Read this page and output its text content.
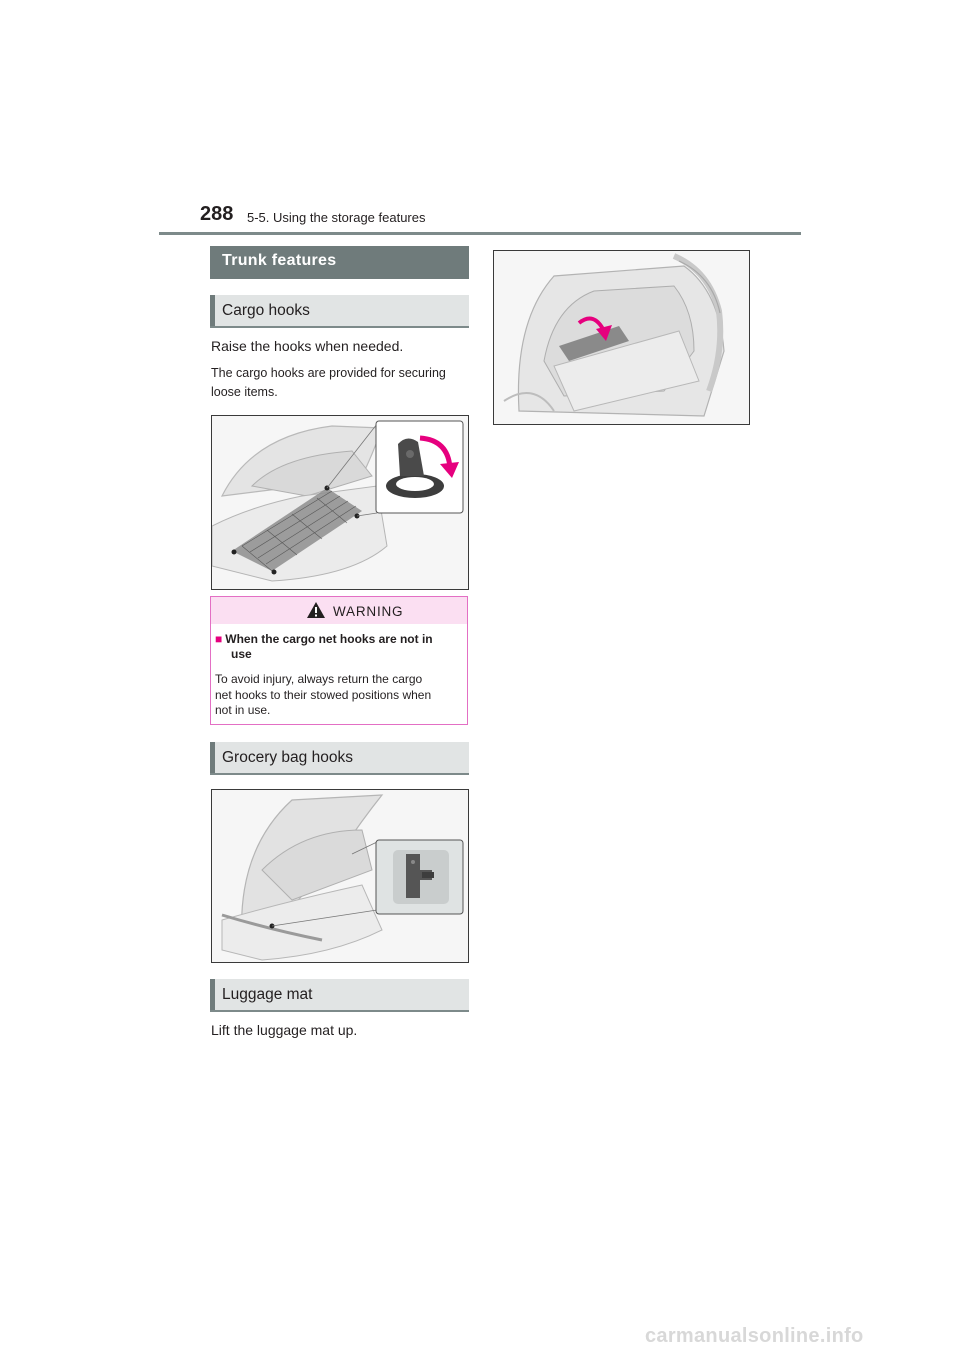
288 5-5. Using the storage features
Trunk features
Cargo hooks
Raise the hooks when needed.
The cargo hooks are provided for securing
loose items.
WARNING
■ When the cargo net hooks are not in
use
To avoid injury, always return the cargo
net hooks to their stowed positions when
not in use.
Grocery bag hooks
Luggage mat
Lift the luggage mat up.
carmanualsonline.info
